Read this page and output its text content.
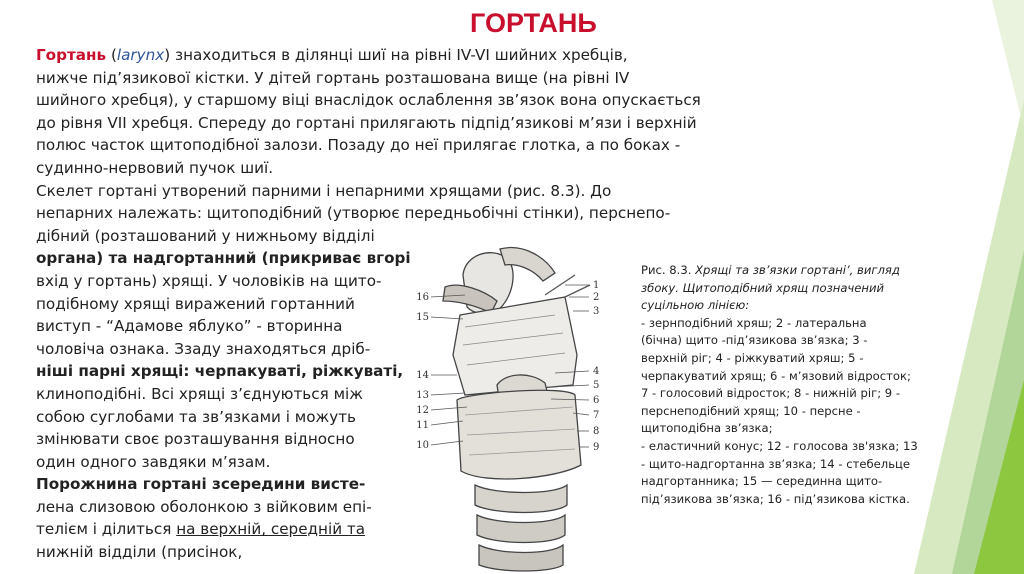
ГОРТАНЬ
Гортань (larynx) знаходиться в ділянці шиї на рівні IV-VI шийних хребців,
нижче під’язикової кістки. У дітей гортань розташована вище (на рівні IV
шийного хребця), у старшому віці внаслідок ослаблення зв’язок вона опускається
до рівня VII хребця. Спереду до гортані прилягають підпід’язикові м’язи і верхній
полюс часток щитоподібної залози. Позаду до неї прилягає глотка, а по боках -
судинно-нервовий пучок шиї.
Скелет гортані утворений парними і непарними хрящами (рис. 8.3). До
непарних належать: щитоподібний (утворює передньобічні стінки), перснепо-
дібний (розташований у нижньому відділі
органа) та надгортанний (прикриває вгорі
вхід у гортань) хрящі. У чоловіків на щито-
подібному хрящі виражений гортанний
виступ - “Адамове яблуко” - вторинна
чоловіча ознака. Ззаду знаходяться дріб-
ніші парні хрящі: черпакуваті, ріжкуваті,
клиноподібні. Всі хрящі з’єднуються між
собою суглобами та зв’язками і можуть
змінювати своє розташування відносно
один одного завдяки м’язам.
Порожнина гортані зсередини висте-
лена слизовою оболонкою з війковим епі-
телієм і ділиться на верхній, середній та
нижній відділи (присінок,
16
15
14
13
12
11
10
1
2
3
4
5
6
7
8
9
Рис. 8.3. Хрящі та зв’язки гортані’, вигляд
збоку. Щитоподібний хрящ позначений
суцільною лінією:
- зернподібний хряш; 2 - латеральна
(бічна) щито -під’язикова зв’язка; 3 -
верхній ріг; 4 - ріжкуватий хряш; 5 -
черпакуватий хрящ; 6 - м’язовий відросток;
7 - голосовий відросток; 8 - нижній ріг; 9 -
перснеподібний хрящ; 10 - персне -
щитоподібна зв’язка;
- еластичний конус; 12 - голосова зв'язка; 13
- щито-надгортанна зв’язка; 14 - стебельце
надгортанника; 15 — серединна щито-
під’язикова зв’язка; 16 - під’язикова кістка.
